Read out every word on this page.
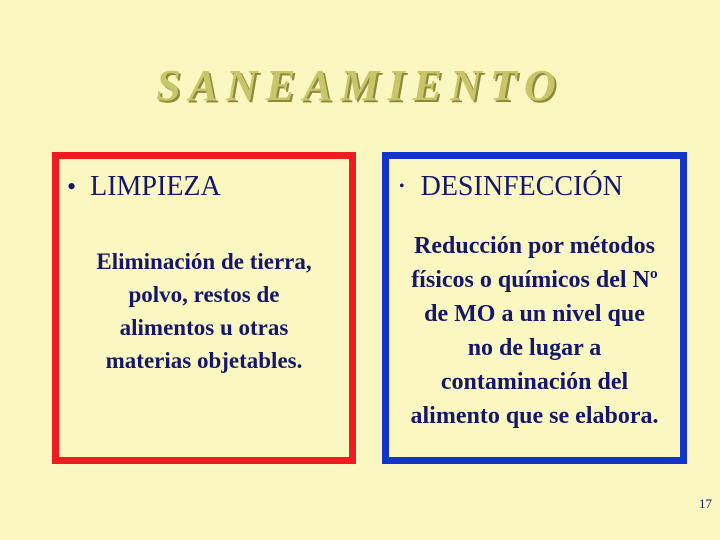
SANEAMIENTO
• LIMPIEZA
Eliminación de tierra,
polvo, restos de
alimentos u otras
materias objetables.
• DESINFECCIÓN
Reducción por métodos
físicos o químicos del Nº
de MO a un nivel que
no de lugar a
contaminación del
alimento que se elabora.
17
